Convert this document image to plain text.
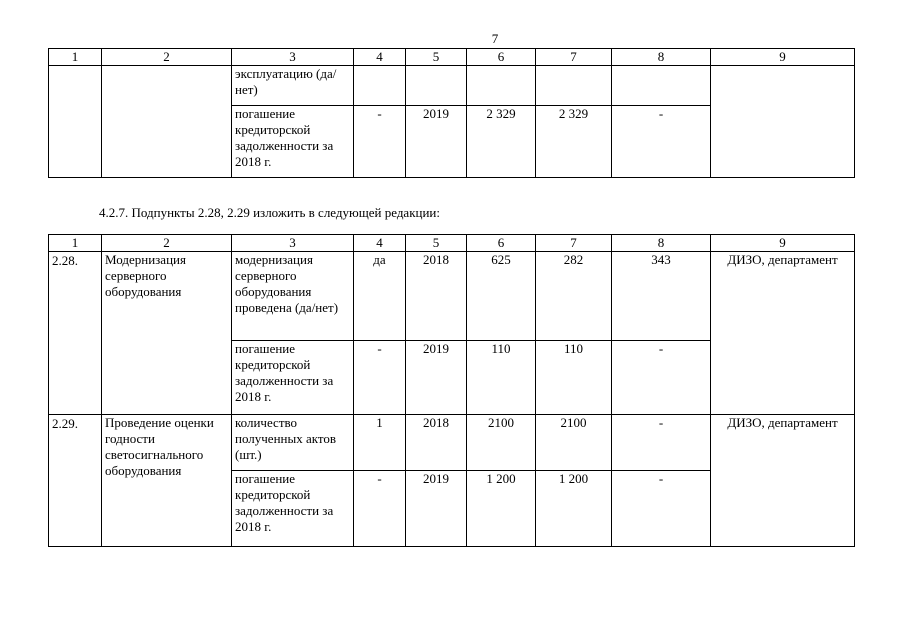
7
1	2	3	4	5	6	7	8	9
		эксплуатацию (да/нет)						
		погашение кредиторской задолженности за 2018 г.	-	2019	2 329	2 329	-	
4.2.7. Подпункты 2.28, 2.29 изложить в следующей редакции:
1	2	3	4	5	6	7	8	9
2.28.	Модернизация серверного оборудования	модернизация серверного оборудования проведена (да/нет)	да	2018	625	282	343	ДИЗО, департамент
		погашение кредиторской задолженности за 2018 г.	-	2019	110	110	-	
2.29.	Проведение оценки годности светосигнального оборудования	количество полученных актов (шт.)	1	2018	2100	2100	-	ДИЗО, департамент
		погашение кредиторской задолженности за 2018 г.	-	2019	1 200	1 200	-	
